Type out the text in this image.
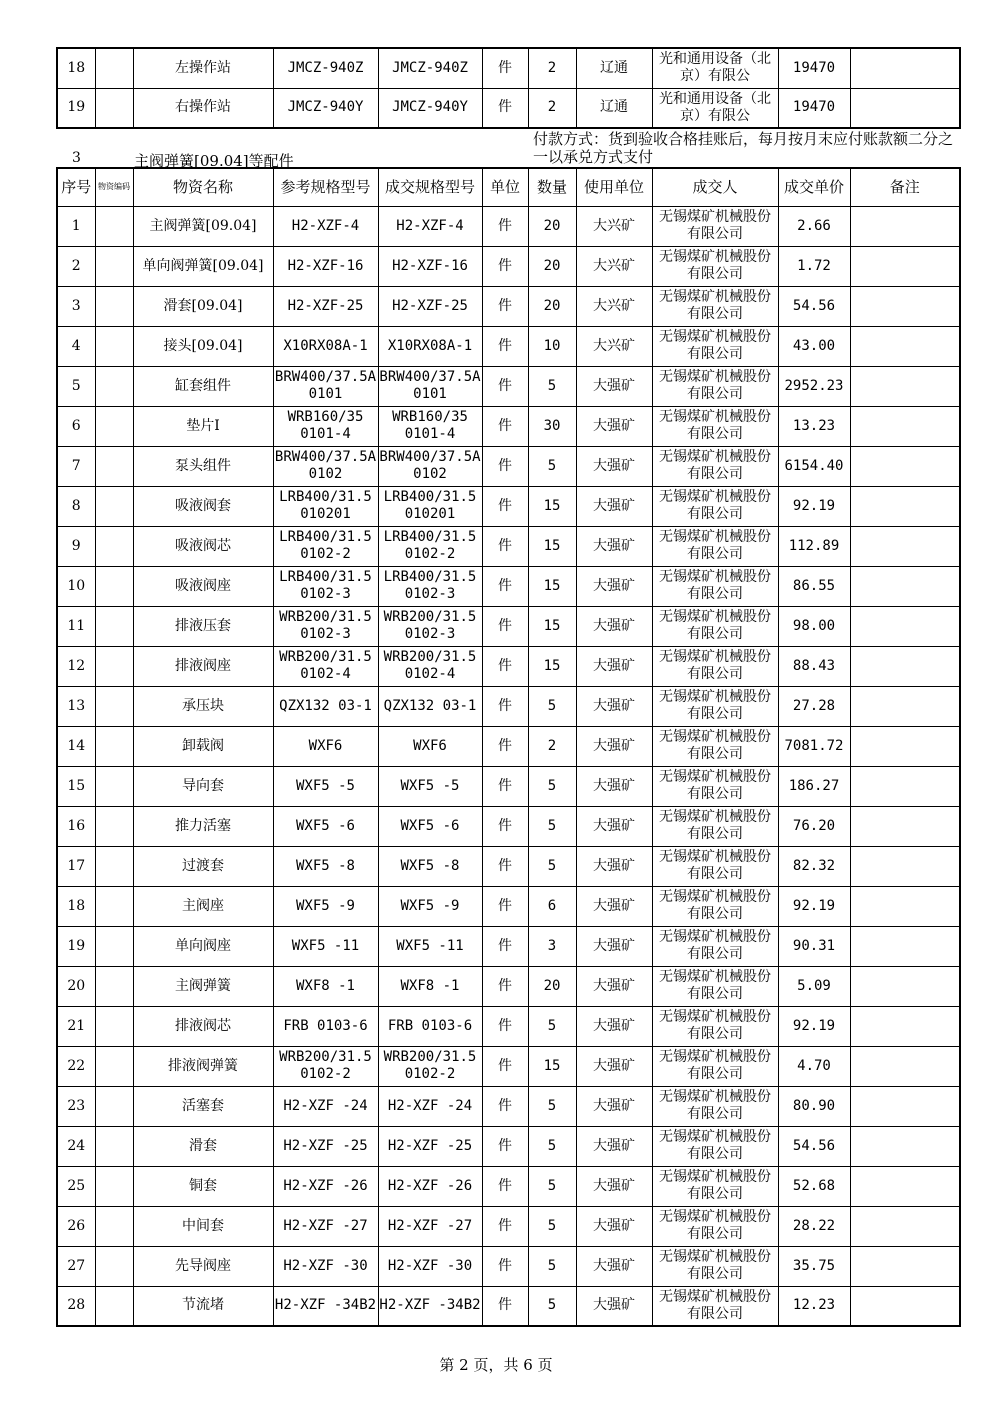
18		左操作站	JMCZ-940Z	JMCZ-940Z	件	2	辽通	光和通用设备（北京）有限公	19470	
19		右操作站	JMCZ-940Y	JMCZ-940Y	件	2	辽通	光和通用设备（北京）有限公	19470	
3	主阀弹簧[09.04]等配件
付款方式：货到验收合格挂账后，每月按月末应付账款额二分之一以承兑方式支付
序号	物资编码	物资名称	参考规格型号	成交规格型号	单位	数量	使用单位	成交人	成交单价	备注
1		主阀弹簧[09.04]	H2-XZF-4	H2-XZF-4	件	20	大兴矿	无锡煤矿机械股份有限公司	2.66	
2		单向阀弹簧[09.04]	H2-XZF-16	H2-XZF-16	件	20	大兴矿	无锡煤矿机械股份有限公司	1.72	
3		滑套[09.04]	H2-XZF-25	H2-XZF-25	件	20	大兴矿	无锡煤矿机械股份有限公司	54.56	
4		接头[09.04]	X10RX08A-1	X10RX08A-1	件	10	大兴矿	无锡煤矿机械股份有限公司	43.00	
5		缸套组件	BRW400/37.5A 0101	BRW400/37.5A 0101	件	5	大强矿	无锡煤矿机械股份有限公司	2952.23	
6		垫片Ⅰ	WRB160/35 0101-4	WRB160/35 0101-4	件	30	大强矿	无锡煤矿机械股份有限公司	13.23	
7		泵头组件	BRW400/37.5A 0102	BRW400/37.5A 0102	件	5	大强矿	无锡煤矿机械股份有限公司	6154.40	
8		吸液阀套	LRB400/31.5 010201	LRB400/31.5 010201	件	15	大强矿	无锡煤矿机械股份有限公司	92.19	
9		吸液阀芯	LRB400/31.5 0102-2	LRB400/31.5 0102-2	件	15	大强矿	无锡煤矿机械股份有限公司	112.89	
10		吸液阀座	LRB400/31.5 0102-3	LRB400/31.5 0102-3	件	15	大强矿	无锡煤矿机械股份有限公司	86.55	
11		排液压套	WRB200/31.5 0102-3	WRB200/31.5 0102-3	件	15	大强矿	无锡煤矿机械股份有限公司	98.00	
12		排液阀座	WRB200/31.5 0102-4	WRB200/31.5 0102-4	件	15	大强矿	无锡煤矿机械股份有限公司	88.43	
13		承压块	QZX132 03-1	QZX132 03-1	件	5	大强矿	无锡煤矿机械股份有限公司	27.28	
14		卸载阀	WXF6	WXF6	件	2	大强矿	无锡煤矿机械股份有限公司	7081.72	
15		导向套	WXF5 -5	WXF5 -5	件	5	大强矿	无锡煤矿机械股份有限公司	186.27	
16		推力活塞	WXF5 -6	WXF5 -6	件	5	大强矿	无锡煤矿机械股份有限公司	76.20	
17		过渡套	WXF5 -8	WXF5 -8	件	5	大强矿	无锡煤矿机械股份有限公司	82.32	
18		主阀座	WXF5 -9	WXF5 -9	件	6	大强矿	无锡煤矿机械股份有限公司	92.19	
19		单向阀座	WXF5 -11	WXF5 -11	件	3	大强矿	无锡煤矿机械股份有限公司	90.31	
20		主阀弹簧	WXF8 -1	WXF8 -1	件	20	大强矿	无锡煤矿机械股份有限公司	5.09	
21		排液阀芯	FRB 0103-6	FRB 0103-6	件	5	大强矿	无锡煤矿机械股份有限公司	92.19	
22		排液阀弹簧	WRB200/31.5 0102-2	WRB200/31.5 0102-2	件	15	大强矿	无锡煤矿机械股份有限公司	4.70	
23		活塞套	H2-XZF -24	H2-XZF -24	件	5	大强矿	无锡煤矿机械股份有限公司	80.90	
24		滑套	H2-XZF -25	H2-XZF -25	件	5	大强矿	无锡煤矿机械股份有限公司	54.56	
25		铜套	H2-XZF -26	H2-XZF -26	件	5	大强矿	无锡煤矿机械股份有限公司	52.68	
26		中间套	H2-XZF -27	H2-XZF -27	件	5	大强矿	无锡煤矿机械股份有限公司	28.22	
27		先导阀座	H2-XZF -30	H2-XZF -30	件	5	大强矿	无锡煤矿机械股份有限公司	35.75	
28		节流堵	H2-XZF -34B2	H2-XZF -34B2	件	5	大强矿	无锡煤矿机械股份有限公司	12.23	
第 2 页，共 6 页
